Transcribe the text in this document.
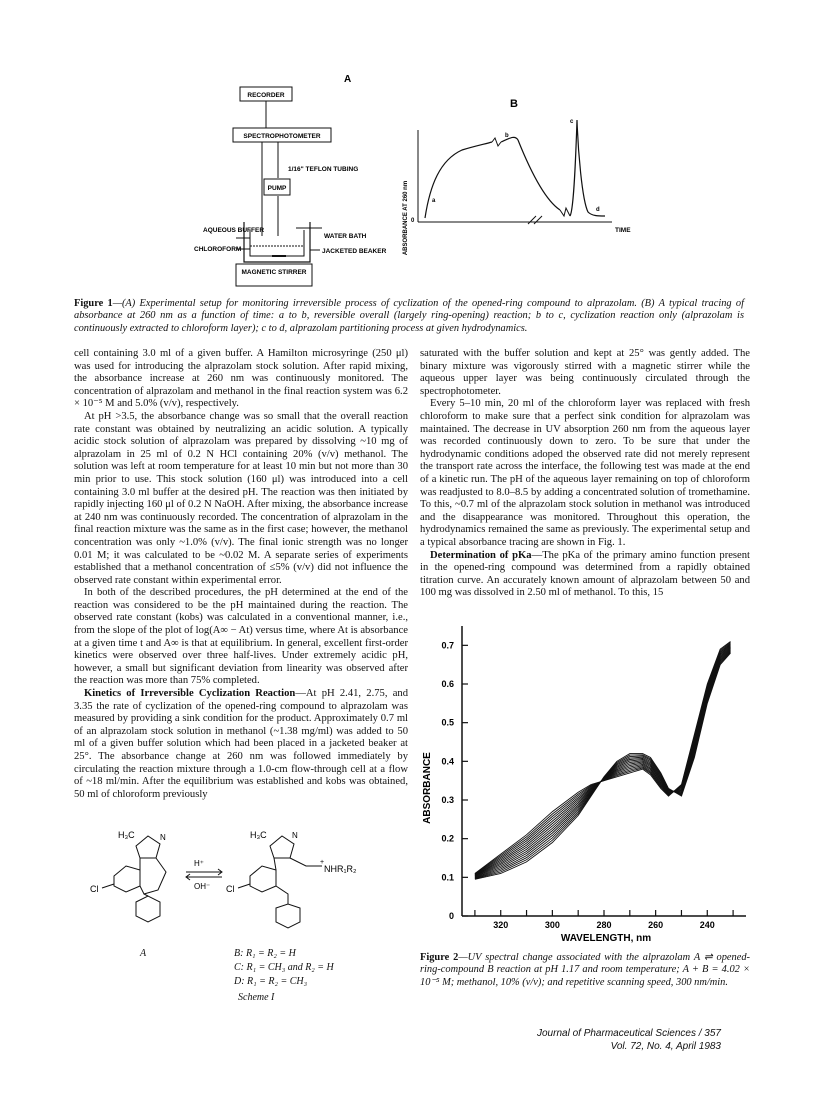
A
RECORDER
SPECTROPHOTOMETER
1/16" TEFLON TUBING
PUMP
MAGNETIC STIRRER
AQUEOUS BUFFER
CHLOROFORM
WATER BATH
JACKETED BEAKER
B
ABSORBANCE AT 260 nm 0
TIME
a
b
c
d
Figure 1—(A) Experimental setup for monitoring irreversible process of cyclization of the opened-ring compound to alprazolam. (B) A typical tracing of absorbance at 260 nm as a function of time: a to b, reversible overall (largely ring-opening) reaction; b to c, cyclization reaction only (alprazolam is continuously extracted to chloroform layer); c to d, alprazolam partitioning process at given hydrodynamics.

cell containing 3.0 ml of a given buffer. A Hamilton microsyringe (250 μl) was used for introducing the alprazolam stock solution. After rapid mixing, the absorbance increase at 260 nm was continuously monitored. The concentration of alprazolam and methanol in the final reaction system was 6.2 × 10⁻⁵ M and 5.0% (v/v), respectively.

At pH >3.5, the absorbance change was so small that the overall reaction rate constant was obtained by neutralizing an acidic solution. A typically acidic stock solution of alprazolam was prepared by dissolving ~10 mg of alprazolam in 25 ml of 0.2 N HCl containing 20% (v/v) methanol. The solution was left at room temperature for at least 10 min but not more than 30 min prior to use. This stock solution (160 μl) was introduced into a cell containing 3.0 ml buffer at the desired pH. The reaction was then initiated by rapidly injecting 160 μl of 0.2 N NaOH. After mixing, the absorbance increase at 240 nm was continuously recorded. The concentration of alprazolam in the final reaction mixture was the same as in the first case; however, the methanol concentration was only ~1.0% (v/v). The final ionic strength was no longer 0.01 M; it was calculated to be ~0.02 M. A separate series of experiments established that a methanol concentration of ≤5% (v/v) did not influence the observed rate constant within experimental error.

In both of the described procedures, the pH determined at the end of the reaction was considered to be the pH maintained during the reaction. The observed rate constant (kobs) was calculated in a conventional manner, i.e., from the slope of the plot of log(A∞ − At) versus time, where At is absorbance at a given time t and A∞ is that at equilibrium. In general, excellent first-order kinetics were observed over three half-lives. Under extremely acidic pH, however, a small but significant deviation from linearity was observed after the reaction was more than 75% completed.

Kinetics of Irreversible Cyclization Reaction—At pH 2.41, 2.75, and 3.35 the rate of cyclization of the opened-ring compound to alprazolam was measured by providing a sink condition for the product. Approximately 0.7 ml of an alprazolam stock solution in methanol (~1.38 mg/ml) was added to 50 ml of a given buffer solution which had been placed in a jacketed beaker at 25°. The absorbance change at 260 nm was followed immediately by circulating the reaction mixture through a 1.0-cm flow-through cell at a flow of ~18 ml/min. After the equilibrium was established and kobs was obtained, 50 ml of chloroform previously

H₃C	N
Cl
H⁺
OH⁻
H₃C	N
+
NHR₁R₂
Cl
A	B: R₁ = R₂ = H
C: R₁ = CH₃ and R₂ = H
D: R₁ = R₂ = CH₃
Scheme I

saturated with the buffer solution and kept at 25° was gently added. The binary mixture was vigorously stirred with a magnetic stirrer while the aqueous upper layer was being continuously circulated through the spectrophotometer.

Every 5–10 min, 20 ml of the chloroform layer was replaced with fresh chloroform to make sure that a perfect sink condition for alprazolam was maintained. The decrease in UV absorption 260 nm from the aqueous layer was recorded continuously down to zero. To be sure that under the hydrodynamic conditions adoped the observed rate did not merely represent the transport rate across the interface, the following test was made at the end of a kinetic run. The pH of the aqueous layer remaining on top of chloroform was readjusted to 8.0–8.5 by adding a concentrated solution of tromethamine. To this, ~0.7 ml of the alprazolam stock solution in methanol was introduced and the disappearance was monitored. Throughout this operation, the hydrodynamics remained the same as previously. The experimental setup and a typical absorbance tracing are shown in Fig. 1.

Determination of pKa—The pKa of the primary amino function present in the opened-ring compound was determined from a rapidly obtained titration curve. An accurately known amount of alprazolam between 50 and 100 mg was dissolved in 2.50 ml of methanol. To this, 15

0
0.1
0.2
0.3
0.4
0.5
0.6
0.7
320	300	280	260	240
ABSORBANCE
WAVELENGTH, nm
Figure 2—UV spectral change associated with the alprazolam A ⇌ opened-ring-compound B reaction at pH 1.17 and room temperature; A + B = 4.02 × 10⁻⁵ M; methanol, 10% (v/v); and repetitive scanning speed, 300 nm/min.
Journal of Pharmaceutical Sciences / 357
Vol. 72, No. 4, April 1983
